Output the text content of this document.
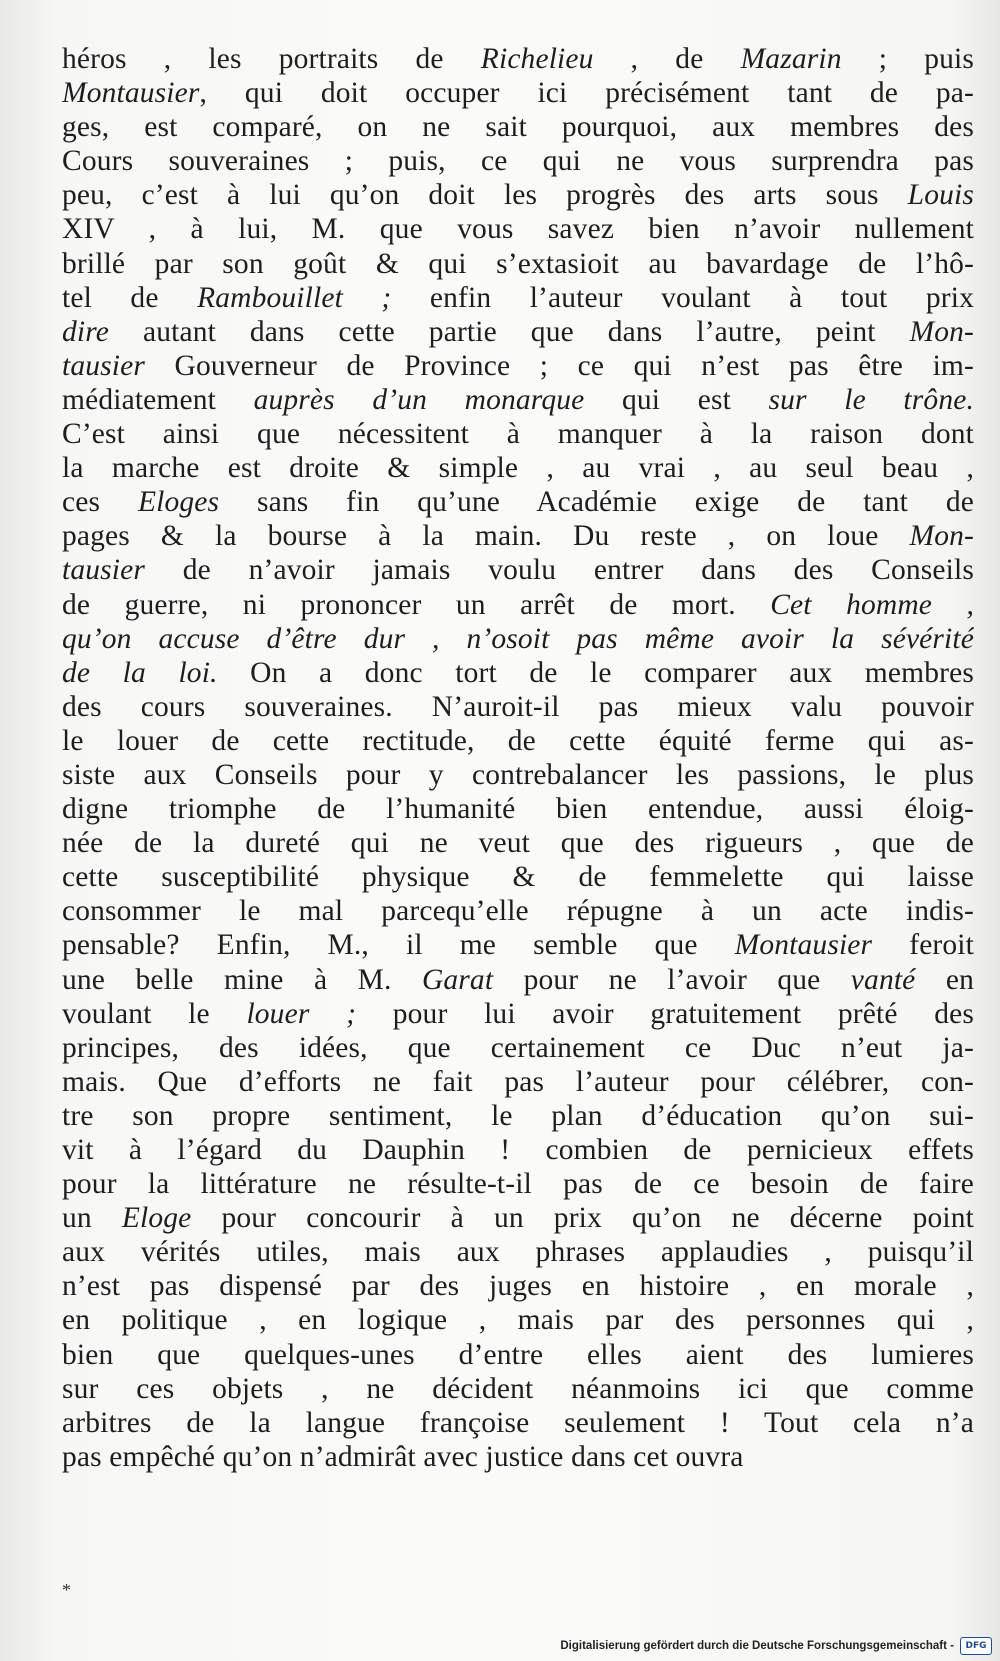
héros , les portraits de Richelieu , de Mazarin ; puis
Montausier, qui doit occuper ici précisément tant de pa-
ges, est comparé, on ne sait pourquoi, aux membres des
Cours souveraines ; puis, ce qui ne vous surprendra pas
peu, c’est à lui qu’on doit les progrès des arts sous Louis
XIV , à lui, M. que vous savez bien n’avoir nullement
brillé par son goût & qui s’extasioit au bavardage de l’hô-
tel de Rambouillet ; enfin l’auteur voulant à tout prix
dire autant dans cette partie que dans l’autre, peint Mon-
tausier Gouverneur de Province ; ce qui n’est pas être im-
médiatement auprès d’un monarque qui est sur le trône.
C’est ainsi que nécessitent à manquer à la raison dont
la marche est droite & simple , au vrai , au seul beau ,
ces Eloges sans fin qu’une Académie exige de tant de
pages & la bourse à la main. Du reste , on loue Mon-
tausier de n’avoir jamais voulu entrer dans des Conseils
de guerre, ni prononcer un arrêt de mort. Cet homme ,
qu’on accuse d’être dur , n’osoit pas même avoir la sévérité
de la loi. On a donc tort de le comparer aux membres
des cours souveraines. N’auroit-il pas mieux valu pouvoir
le louer de cette rectitude, de cette équité ferme qui as-
siste aux Conseils pour y contrebalancer les passions, le plus
digne triomphe de l’humanité bien entendue, aussi éloig-
née de la dureté qui ne veut que des rigueurs , que de
cette susceptibilité physique & de femmelette qui laisse
consommer le mal parcequ’elle répugne à un acte indis-
pensable? Enfin, M., il me semble que Montausier feroit
une belle mine à M. Garat pour ne l’avoir que vanté en
voulant le louer ; pour lui avoir gratuitement prêté des
principes, des idées, que certainement ce Duc n’eut ja-
mais. Que d’efforts ne fait pas l’auteur pour célébrer, con-
tre son propre sentiment, le plan d’éducation qu’on sui-
vit à l’égard du Dauphin ! combien de pernicieux effets
pour la littérature ne résulte-t-il pas de ce besoin de faire
un Eloge pour concourir à un prix qu’on ne décerne point
aux vérités utiles, mais aux phrases applaudies , puisqu’il
n’est pas dispensé par des juges en histoire , en morale ,
en politique , en logique , mais par des personnes qui ,
bien que quelques-unes d’entre elles aient des lumieres
sur ces objets , ne décident néanmoins ici que comme
arbitres de la langue françoise seulement ! Tout cela n’a
pas empêché qu’on n’admirât avec justice dans cet ouvra
*
Digitalisierung gefördert durch die Deutsche Forschungsgemeinschaft -	DFG
